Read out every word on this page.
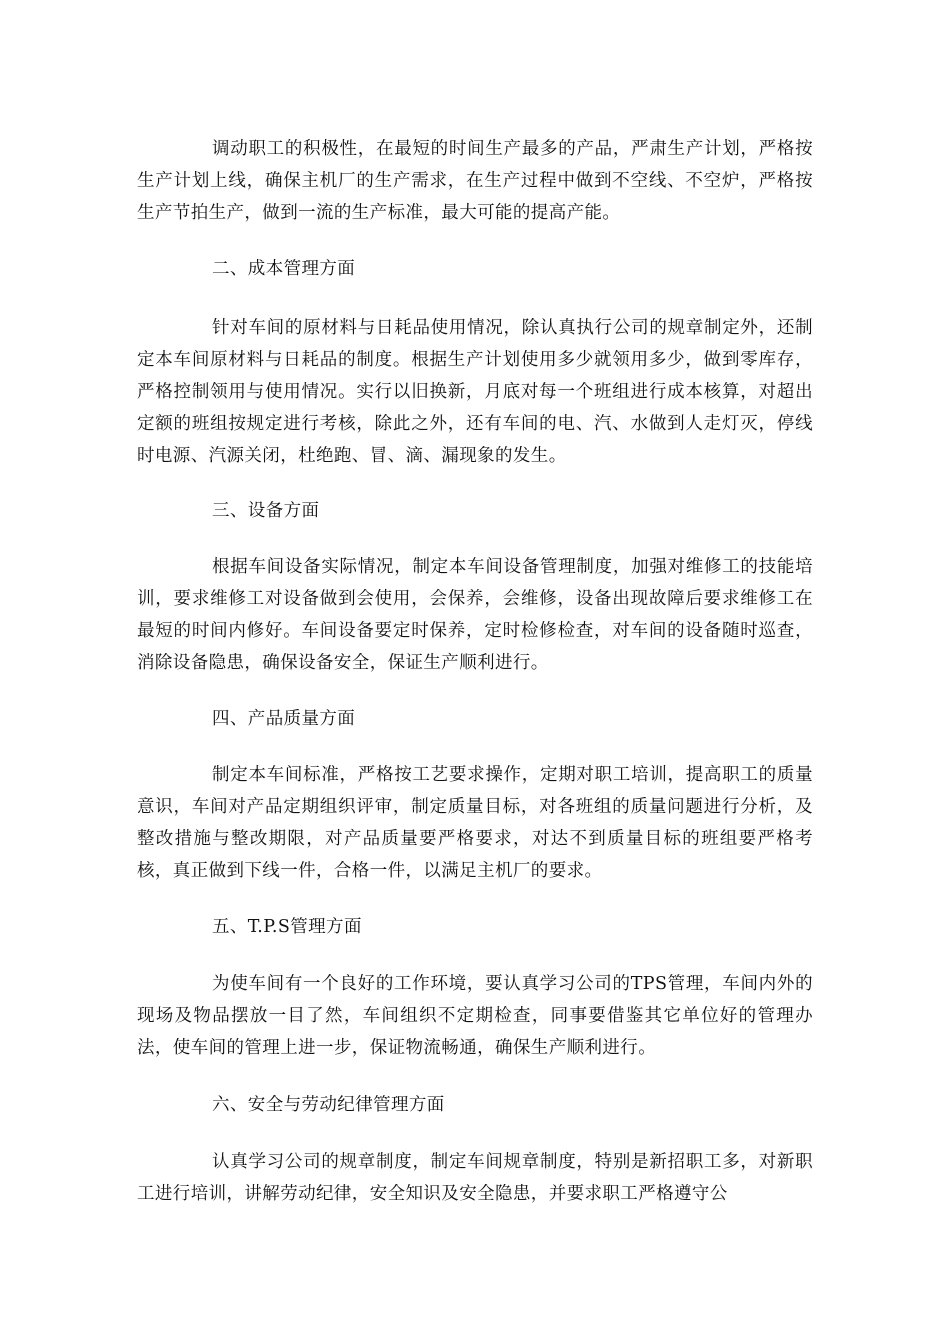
调动职工的积极性，在最短的时间生产最多的产品，严肃生产计划，严格按生产计划上线，确保主机厂的生产需求，在生产过程中做到不空线、不空炉，严格按生产节拍生产，做到一流的生产标准，最大可能的提高产能。
二、成本管理方面
针对车间的原材料与日耗品使用情况，除认真执行公司的规章制定外，还制定本车间原材料与日耗品的制度。根据生产计划使用多少就领用多少，做到零库存，严格控制领用与使用情况。实行以旧换新，月底对每一个班组进行成本核算，对超出定额的班组按规定进行考核，除此之外，还有车间的电、汽、水做到人走灯灭，停线时电源、汽源关闭，杜绝跑、冒、滴、漏现象的发生。
三、设备方面
根据车间设备实际情况，制定本车间设备管理制度，加强对维修工的技能培训，要求维修工对设备做到会使用，会保养，会维修，设备出现故障后要求维修工在最短的时间内修好。车间设备要定时保养，定时检修检查，对车间的设备随时巡查，消除设备隐患，确保设备安全，保证生产顺利进行。
四、产品质量方面
制定本车间标准，严格按工艺要求操作，定期对职工培训，提高职工的质量意识，车间对产品定期组织评审，制定质量目标，对各班组的质量问题进行分析，及整改措施与整改期限，对产品质量要严格要求，对达不到质量目标的班组要严格考核，真正做到下线一件，合格一件，以满足主机厂的要求。
五、T.P.S管理方面
为使车间有一个良好的工作环境，要认真学习公司的TPS管理，车间内外的现场及物品摆放一目了然，车间组织不定期检查，同事要借鉴其它单位好的管理办法，使车间的管理上进一步，保证物流畅通，确保生产顺利进行。
六、安全与劳动纪律管理方面
认真学习公司的规章制度，制定车间规章制度，特别是新招职工多，对新职工进行培训，讲解劳动纪律，安全知识及安全隐患，并要求职工严格遵守公
